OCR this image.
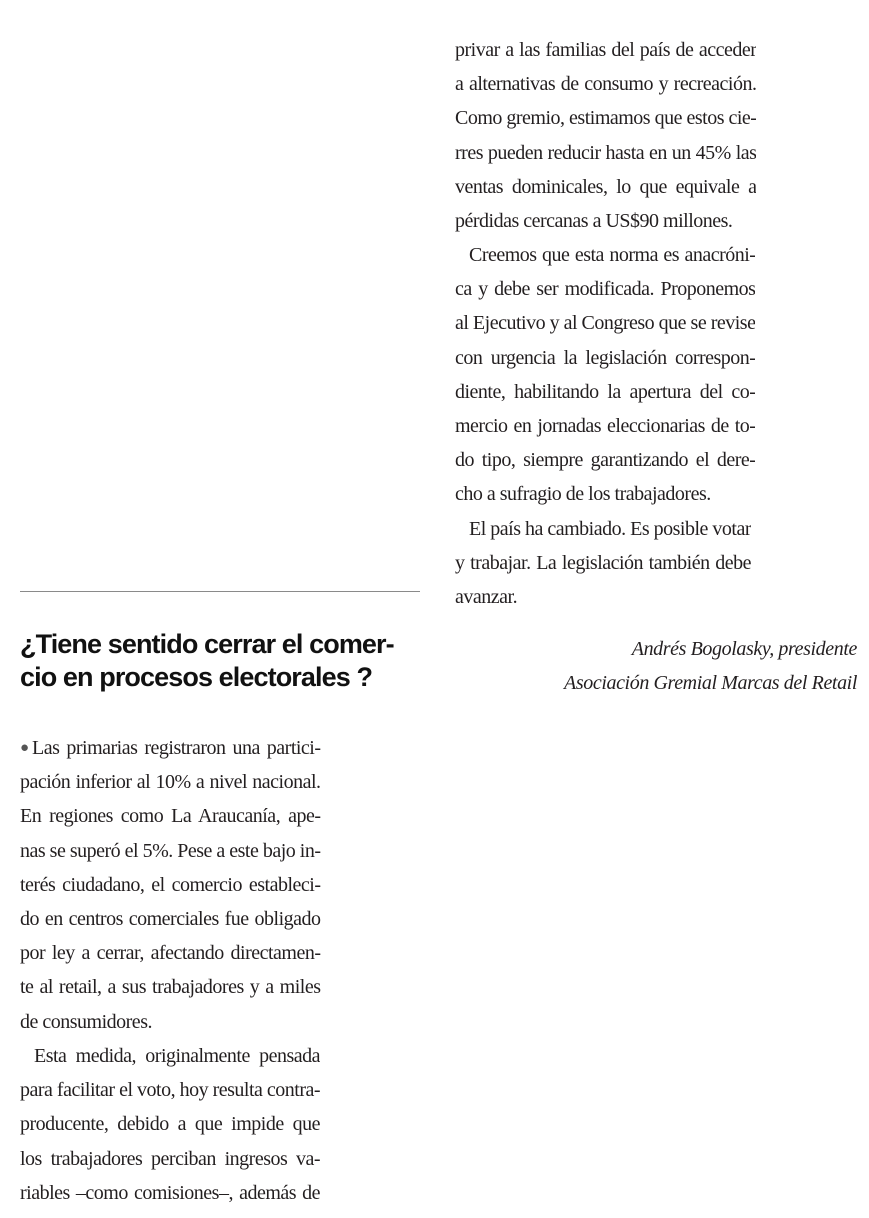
¿Tiene sentido cerrar el comer-
cio en procesos electorales ?
●Las primarias registraron una partici-
pación inferior al 10% a nivel nacional.
En regiones como La Araucanía, ape-
nas se superó el 5%. Pese a este bajo in-
terés ciudadano, el comercio estableci-
do en centros comerciales fue obligado
por ley a cerrar, afectando directamen-
te al retail, a sus trabajadores y a miles
de consumidores.
Esta medida, originalmente pensada
para facilitar el voto, hoy resulta contra-
producente, debido a que impide que
los trabajadores perciban ingresos va-
riables –como comisiones–, además de
privar a las familias del país de acceder
a alternativas de consumo y recreación.
Como gremio, estimamos que estos cie-
rres pueden reducir hasta en un 45% las
ventas dominicales, lo que equivale a
pérdidas cercanas a US$90 millones.
Creemos que esta norma es anacróni-
ca y debe ser modificada. Proponemos
al Ejecutivo y al Congreso que se revise
con urgencia la legislación correspon-
diente, habilitando la apertura del co-
mercio en jornadas eleccionarias de to-
do tipo, siempre garantizando el dere-
cho a sufragio de los trabajadores.
El país ha cambiado. Es posible votar
y trabajar. La legislación también debe
avanzar.
Andrés Bogolasky, presidente
Asociación Gremial Marcas del Retail
